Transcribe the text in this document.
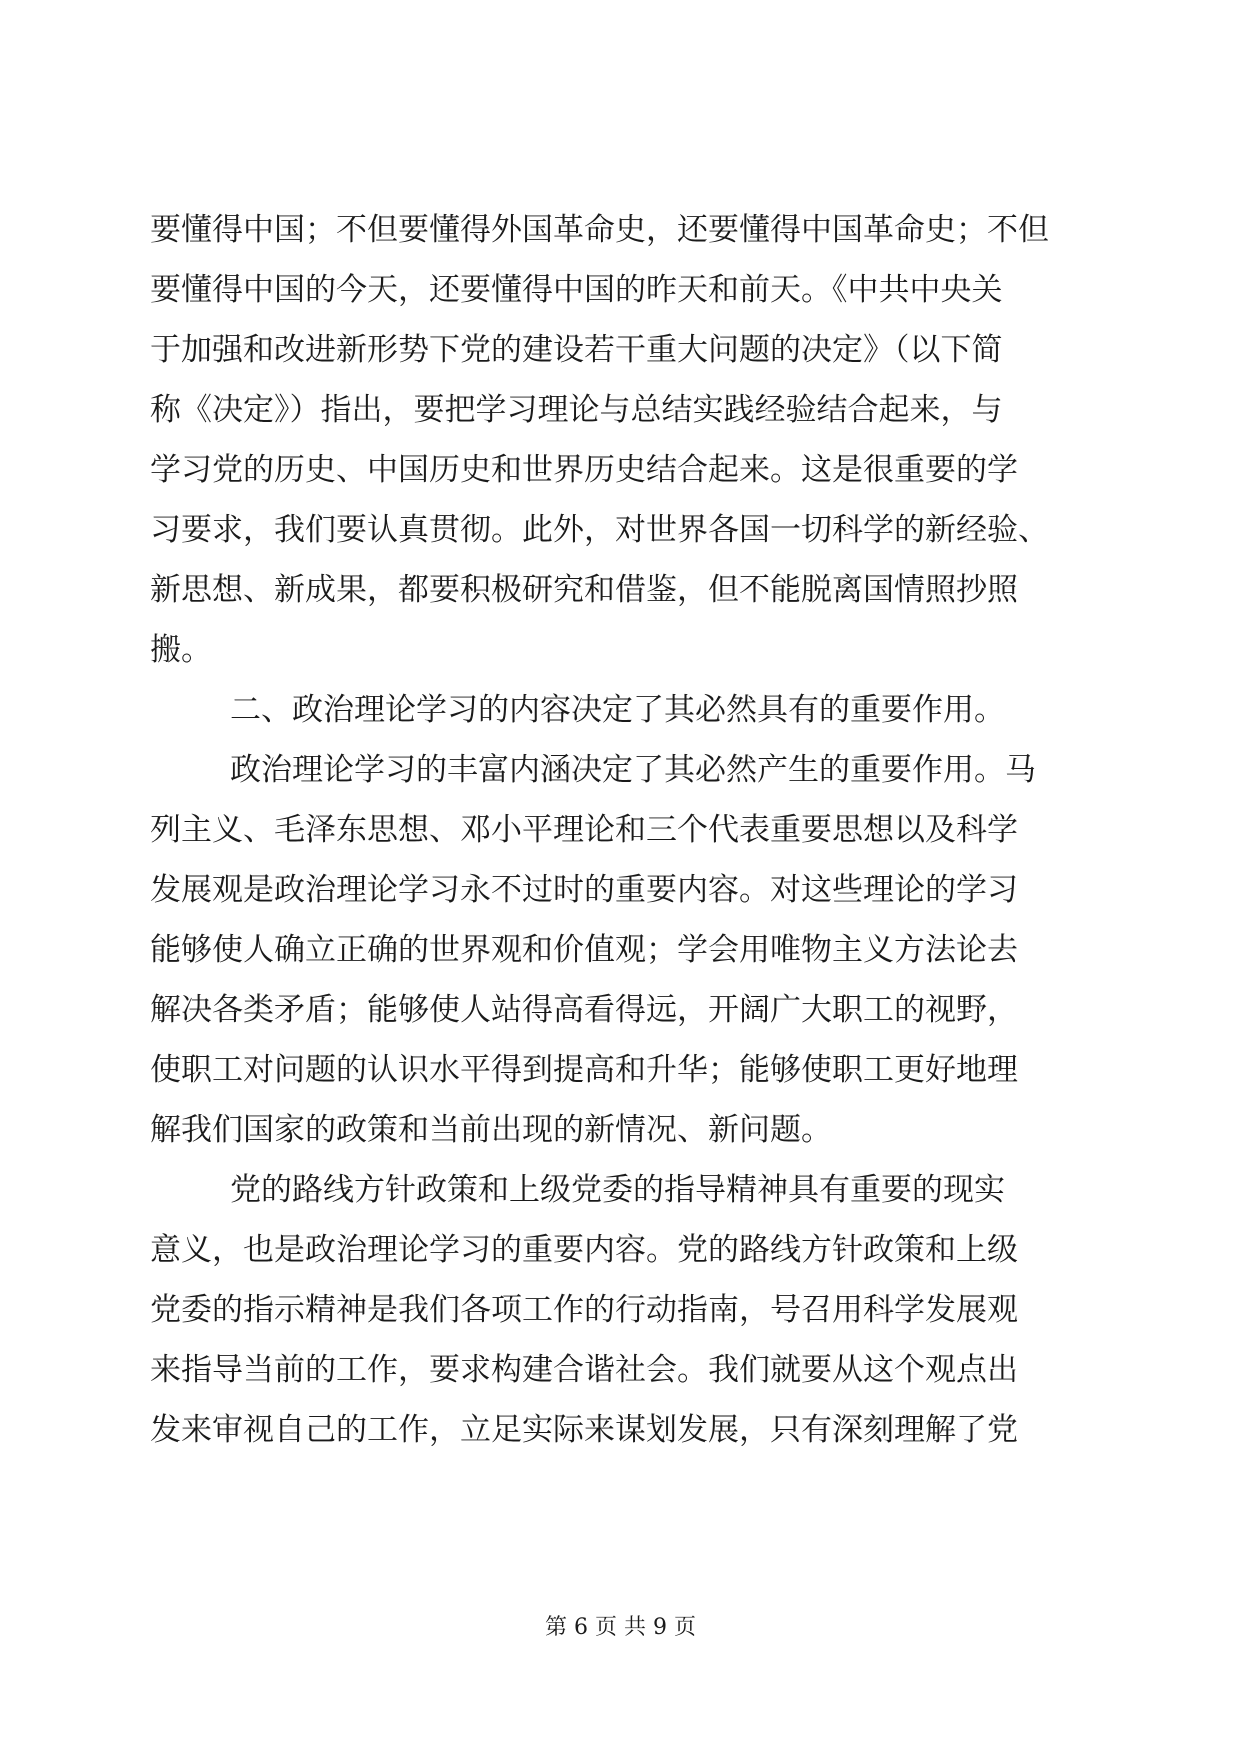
要懂得中国；不但要懂得外国革命史，还要懂得中国革命史；不但
要懂得中国的今天，还要懂得中国的昨天和前天。《中共中央关
于加强和改进新形势下党的建设若干重大问题的决定》（以下简
称《决定》）指出，要把学习理论与总结实践经验结合起来，与
学习党的历史、中国历史和世界历史结合起来。这是很重要的学
习要求，我们要认真贯彻。此外，对世界各国一切科学的新经验、
新思想、新成果，都要积极研究和借鉴，但不能脱离国情照抄照
搬。
二、政治理论学习的内容决定了其必然具有的重要作用。
政治理论学习的丰富内涵决定了其必然产生的重要作用。马
列主义、毛泽东思想、邓小平理论和三个代表重要思想以及科学
发展观是政治理论学习永不过时的重要内容。对这些理论的学习
能够使人确立正确的世界观和价值观；学会用唯物主义方法论去
解决各类矛盾；能够使人站得高看得远，开阔广大职工的视野，
使职工对问题的认识水平得到提高和升华；能够使职工更好地理
解我们国家的政策和当前出现的新情况、新问题。
党的路线方针政策和上级党委的指导精神具有重要的现实
意义，也是政治理论学习的重要内容。党的路线方针政策和上级
党委的指示精神是我们各项工作的行动指南，号召用科学发展观
来指导当前的工作，要求构建合谐社会。我们就要从这个观点出
发来审视自己的工作，立足实际来谋划发展，只有深刻理解了党
第 6 页 共 9 页
